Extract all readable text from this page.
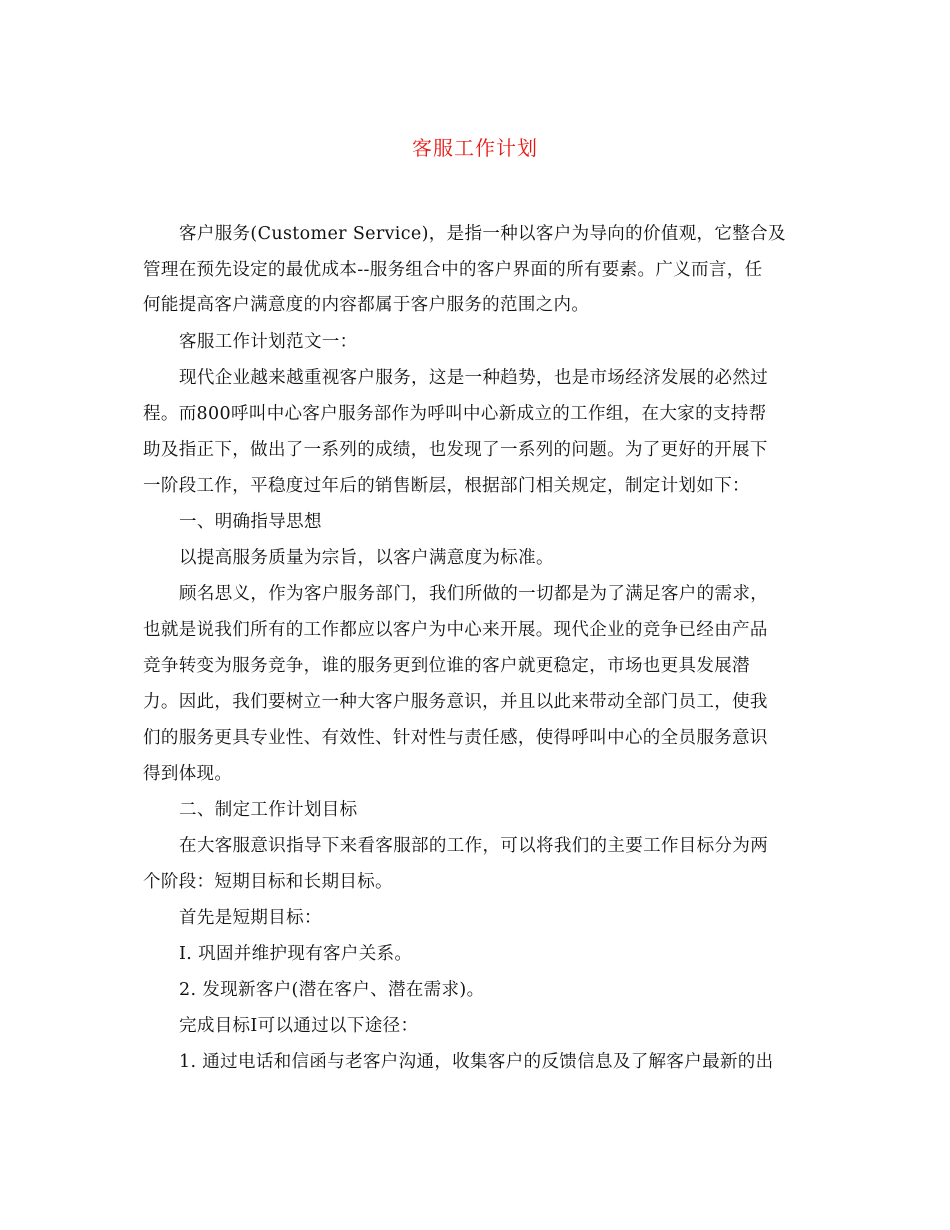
客服工作计划
客户服务(Customer Service)，是指一种以客户为导向的价值观，它整合及
管理在预先设定的最优成本--服务组合中的客户界面的所有要素。广义而言，任
何能提高客户满意度的内容都属于客户服务的范围之内。
客服工作计划范文一：
现代企业越来越重视客户服务，这是一种趋势，也是市场经济发展的必然过
程。而800呼叫中心客户服务部作为呼叫中心新成立的工作组，在大家的支持帮
助及指正下，做出了一系列的成绩，也发现了一系列的问题。为了更好的开展下
一阶段工作，平稳度过年后的销售断层，根据部门相关规定，制定计划如下：
一、明确指导思想
以提高服务质量为宗旨，以客户满意度为标准。
顾名思义，作为客户服务部门，我们所做的一切都是为了满足客户的需求，
也就是说我们所有的工作都应以客户为中心来开展。现代企业的竞争已经由产品
竞争转变为服务竞争，谁的服务更到位谁的客户就更稳定，市场也更具发展潜
力。因此，我们要树立一种大客户服务意识，并且以此来带动全部门员工，使我
们的服务更具专业性、有效性、针对性与责任感，使得呼叫中心的全员服务意识
得到体现。
二、制定工作计划目标
在大客服意识指导下来看客服部的工作，可以将我们的主要工作目标分为两
个阶段：短期目标和长期目标。
首先是短期目标：
I. 巩固并维护现有客户关系。
2. 发现新客户(潜在客户、潜在需求)。
完成目标I可以通过以下途径：
1. 通过电话和信函与老客户沟通，收集客户的反馈信息及了解客户最新的出
